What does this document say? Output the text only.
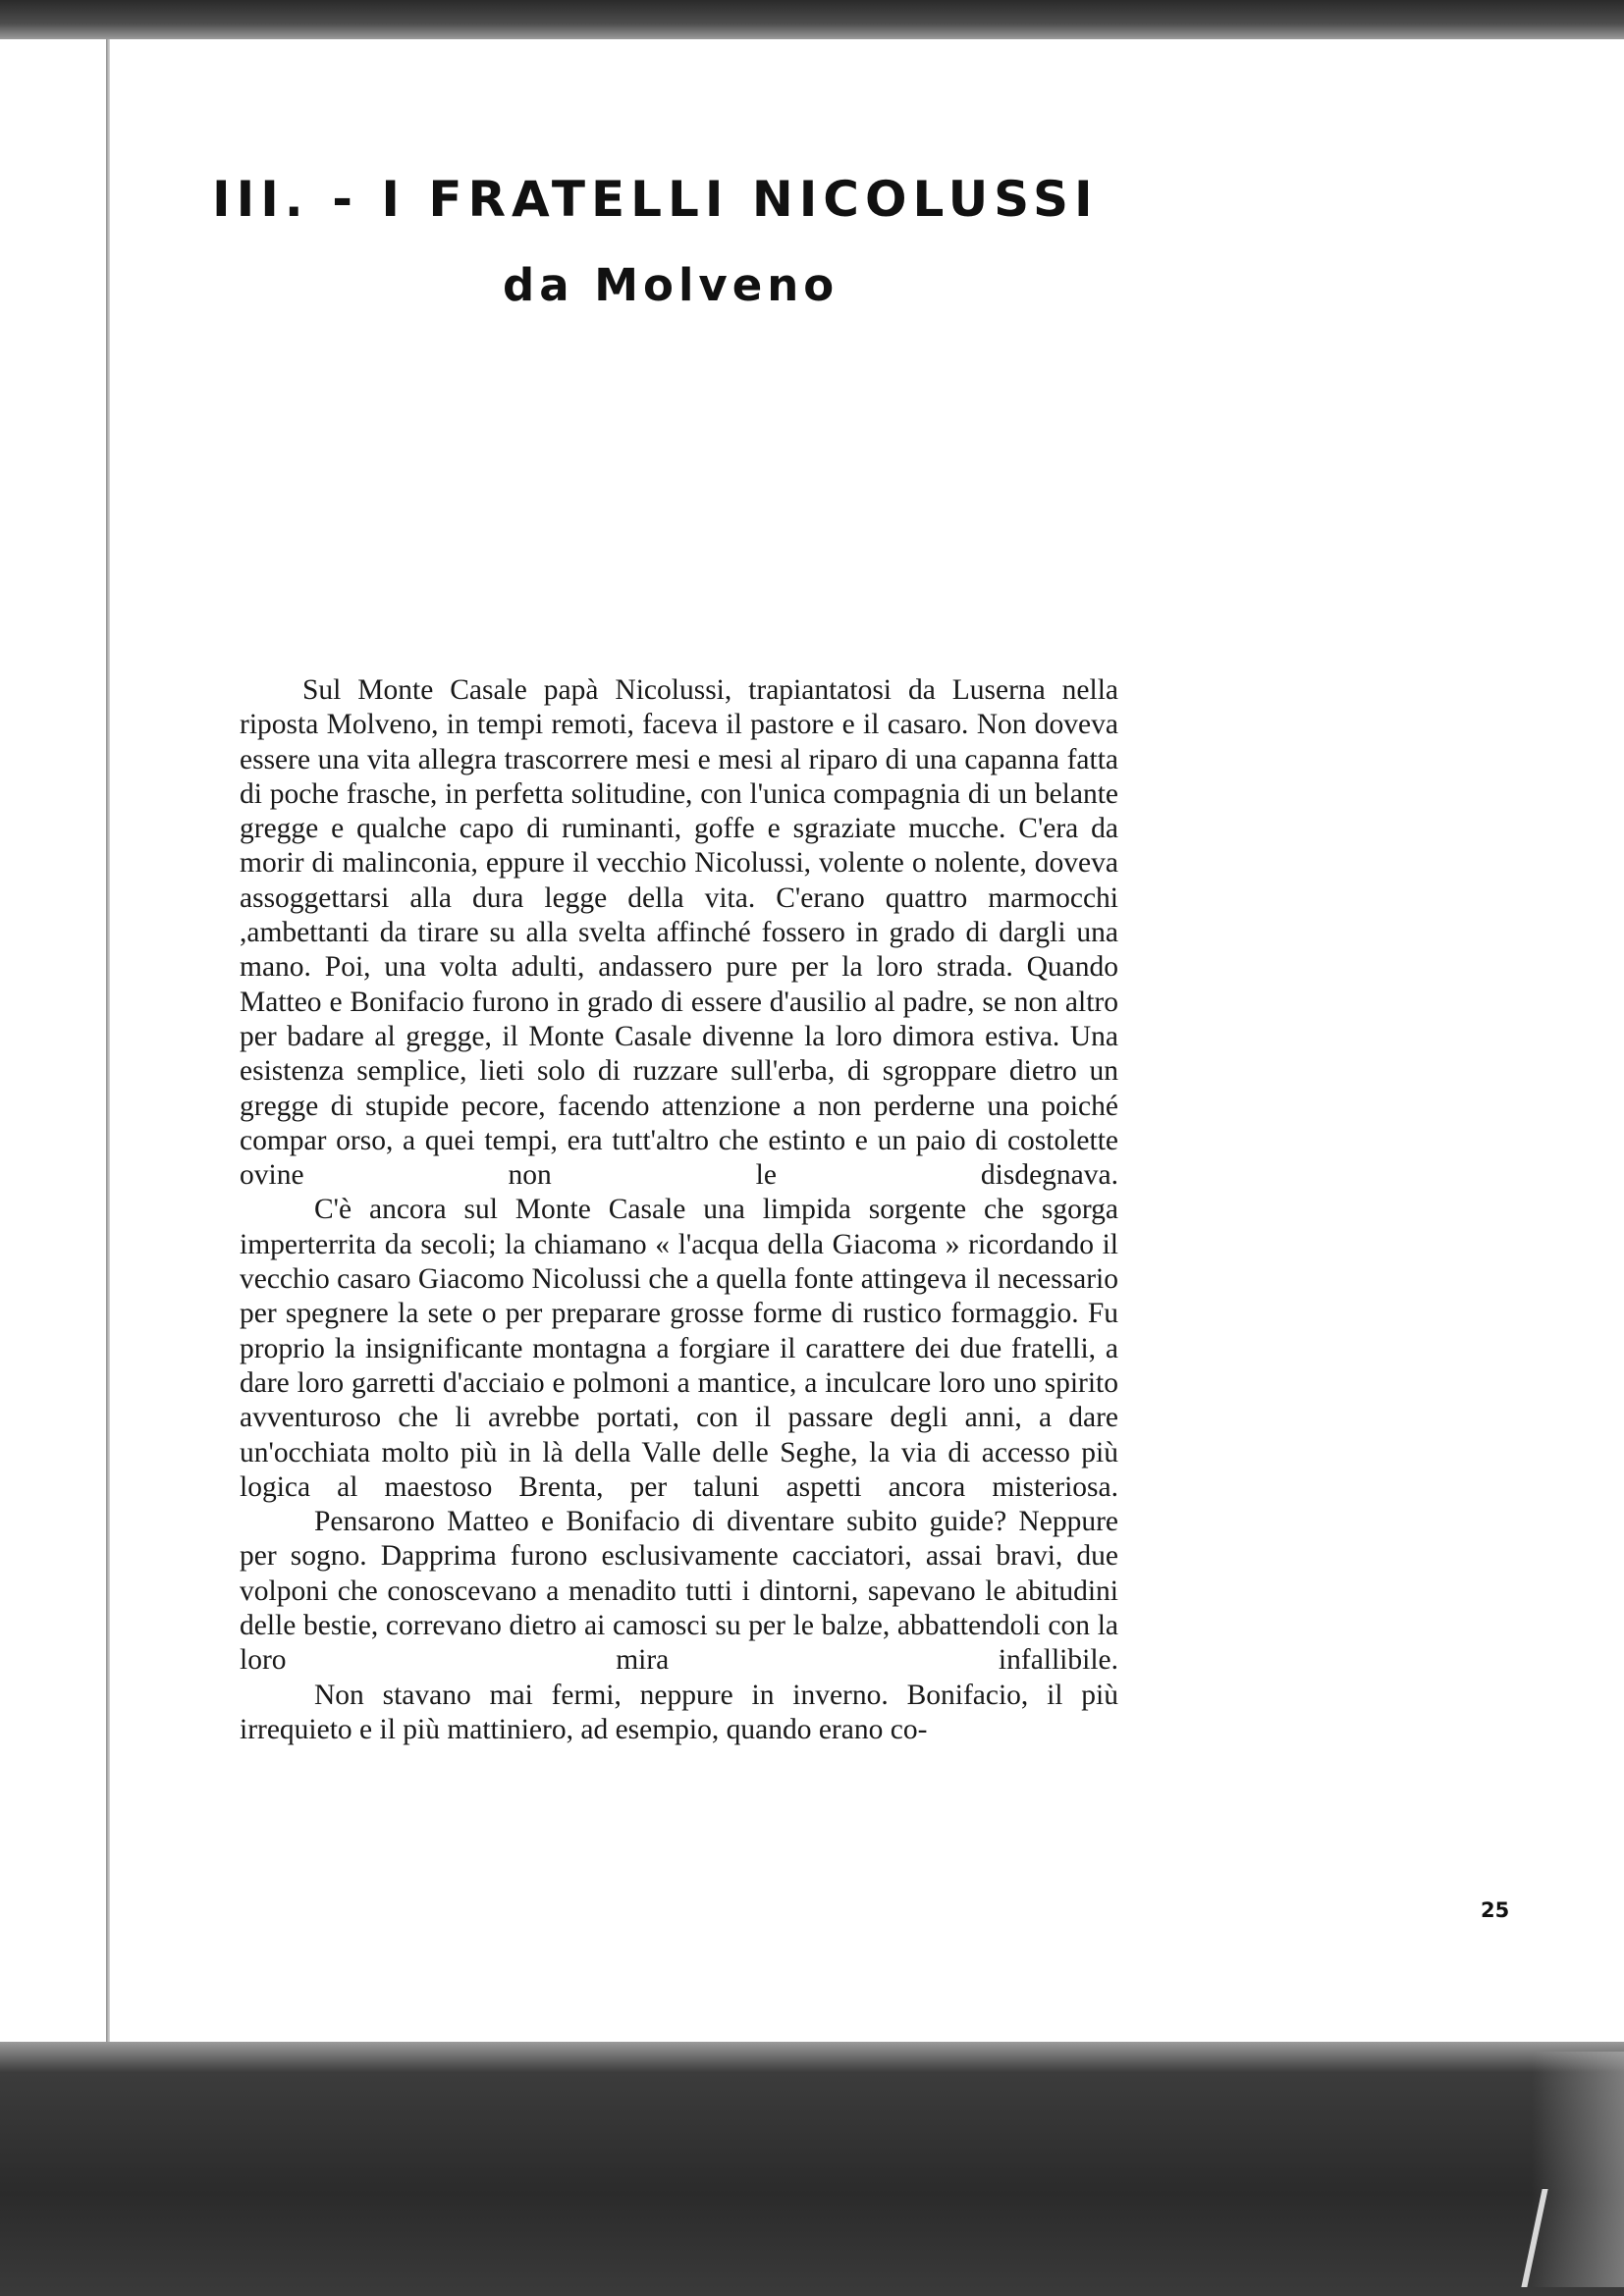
III. - I FRATELLI NICOLUSSI
da Molveno

Sul Monte Casale papà Nicolussi, trapiantatosi da Luserna nella riposta Molveno, in tempi remoti, faceva il pastore e il casaro. Non doveva essere una vita allegra trascorrere mesi e mesi al riparo di una capanna fatta di poche frasche, in perfetta solitudine, con l'unica compagnia di un belante gregge e qualche capo di ruminanti, goffe e sgraziate mucche. C'era da morir di malinconia, eppure il vecchio Nicolussi, volente o nolente, doveva assoggettarsi alla dura legge della vita. C'erano quattro marmocchi ,ambettanti da tirare su alla svelta affinché fossero in grado di dargli una mano. Poi, una volta adulti, andassero pure per la loro strada. Quando Matteo e Bonifacio furono in grado di essere d'ausilio al padre, se non altro per badare al gregge, il Monte Casale divenne la loro dimora estiva. Una esistenza semplice, lieti solo di ruzzare sull'erba, di sgroppare dietro un gregge di stupide pecore, facendo attenzione a non perderne una poiché compar orso, a quei tempi, era tutt'altro che estinto e un paio di costolette ovine non le disdegnava.

C'è ancora sul Monte Casale una limpida sorgente che sgorga imperterrita da secoli; la chiamano « l'acqua della Giacoma » ricordando il vecchio casaro Giacomo Nicolussi che a quella fonte attingeva il necessario per spegnere la sete o per preparare grosse forme di rustico formaggio. Fu proprio la insignificante montagna a forgiare il carattere dei due fratelli, a dare loro garretti d'acciaio e polmoni a mantice, a inculcare loro uno spirito avventuroso che li avrebbe portati, con il passare degli anni, a dare un'occhiata molto più in là della Valle delle Seghe, la via di accesso più logica al maestoso Brenta, per taluni aspetti ancora misteriosa.

Pensarono Matteo e Bonifacio di diventare subito guide? Neppure per sogno. Dapprima furono esclusivamente cacciatori, assai bravi, due volponi che conoscevano a menadito tutti i dintorni, sapevano le abitudini delle bestie, correvano dietro ai camosci su per le balze, abbattendoli con la loro mira infallibile.

Non stavano mai fermi, neppure in inverno. Bonifacio, il più irrequieto e il più mattiniero, ad esempio, quando erano co-

25
